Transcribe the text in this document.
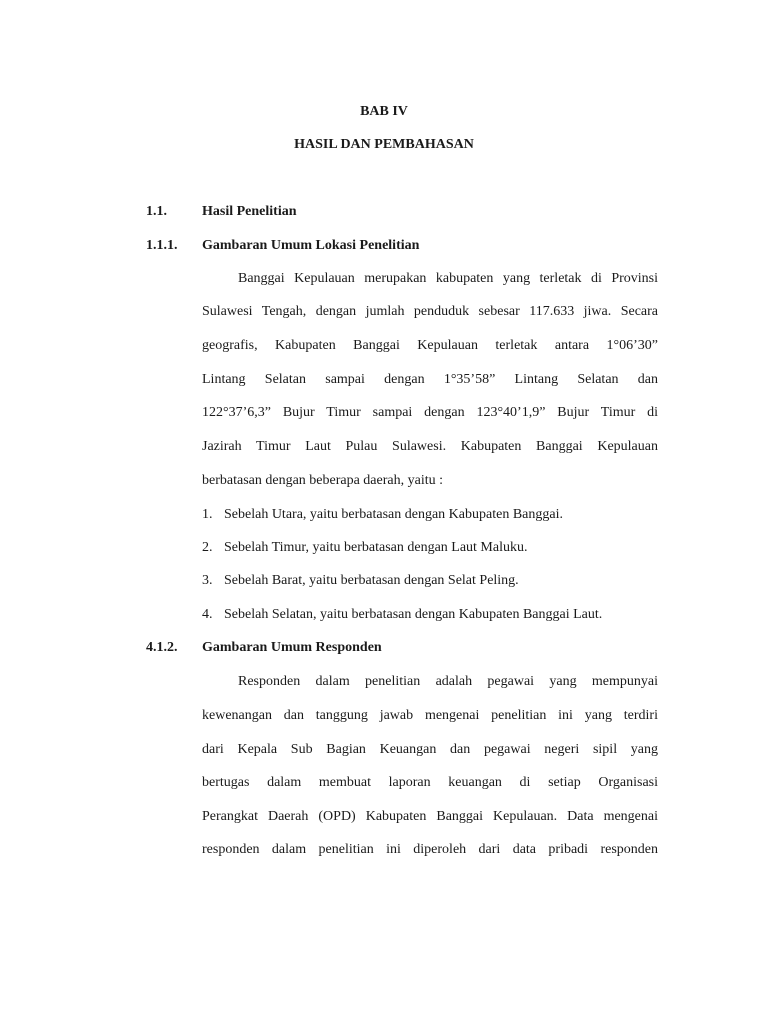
BAB IV
HASIL DAN PEMBAHASAN
1.1.	Hasil Penelitian
1.1.1. Gambaran Umum Lokasi Penelitian
Banggai Kepulauan merupakan kabupaten yang terletak di Provinsi
Sulawesi Tengah, dengan jumlah penduduk sebesar 117.633 jiwa. Secara
geografis, Kabupaten Banggai Kepulauan terletak antara 1°06’30”
Lintang Selatan sampai dengan 1°35’58” Lintang Selatan dan
122°37’6,3” Bujur Timur sampai dengan 123°40’1,9” Bujur Timur di
Jazirah Timur Laut Pulau Sulawesi. Kabupaten Banggai Kepulauan
berbatasan dengan beberapa daerah, yaitu :
1. Sebelah Utara, yaitu berbatasan dengan Kabupaten Banggai.
2. Sebelah Timur, yaitu berbatasan dengan Laut Maluku.
3. Sebelah Barat, yaitu berbatasan dengan Selat Peling.
4. Sebelah Selatan, yaitu berbatasan dengan Kabupaten Banggai Laut.
4.1.2. Gambaran Umum Responden
Responden dalam penelitian adalah pegawai yang mempunyai
kewenangan dan tanggung jawab mengenai penelitian ini yang terdiri
dari Kepala Sub Bagian Keuangan dan pegawai negeri sipil yang
bertugas dalam membuat laporan keuangan di setiap Organisasi
Perangkat Daerah (OPD) Kabupaten Banggai Kepulauan. Data mengenai
responden dalam penelitian ini diperoleh dari data pribadi responden
